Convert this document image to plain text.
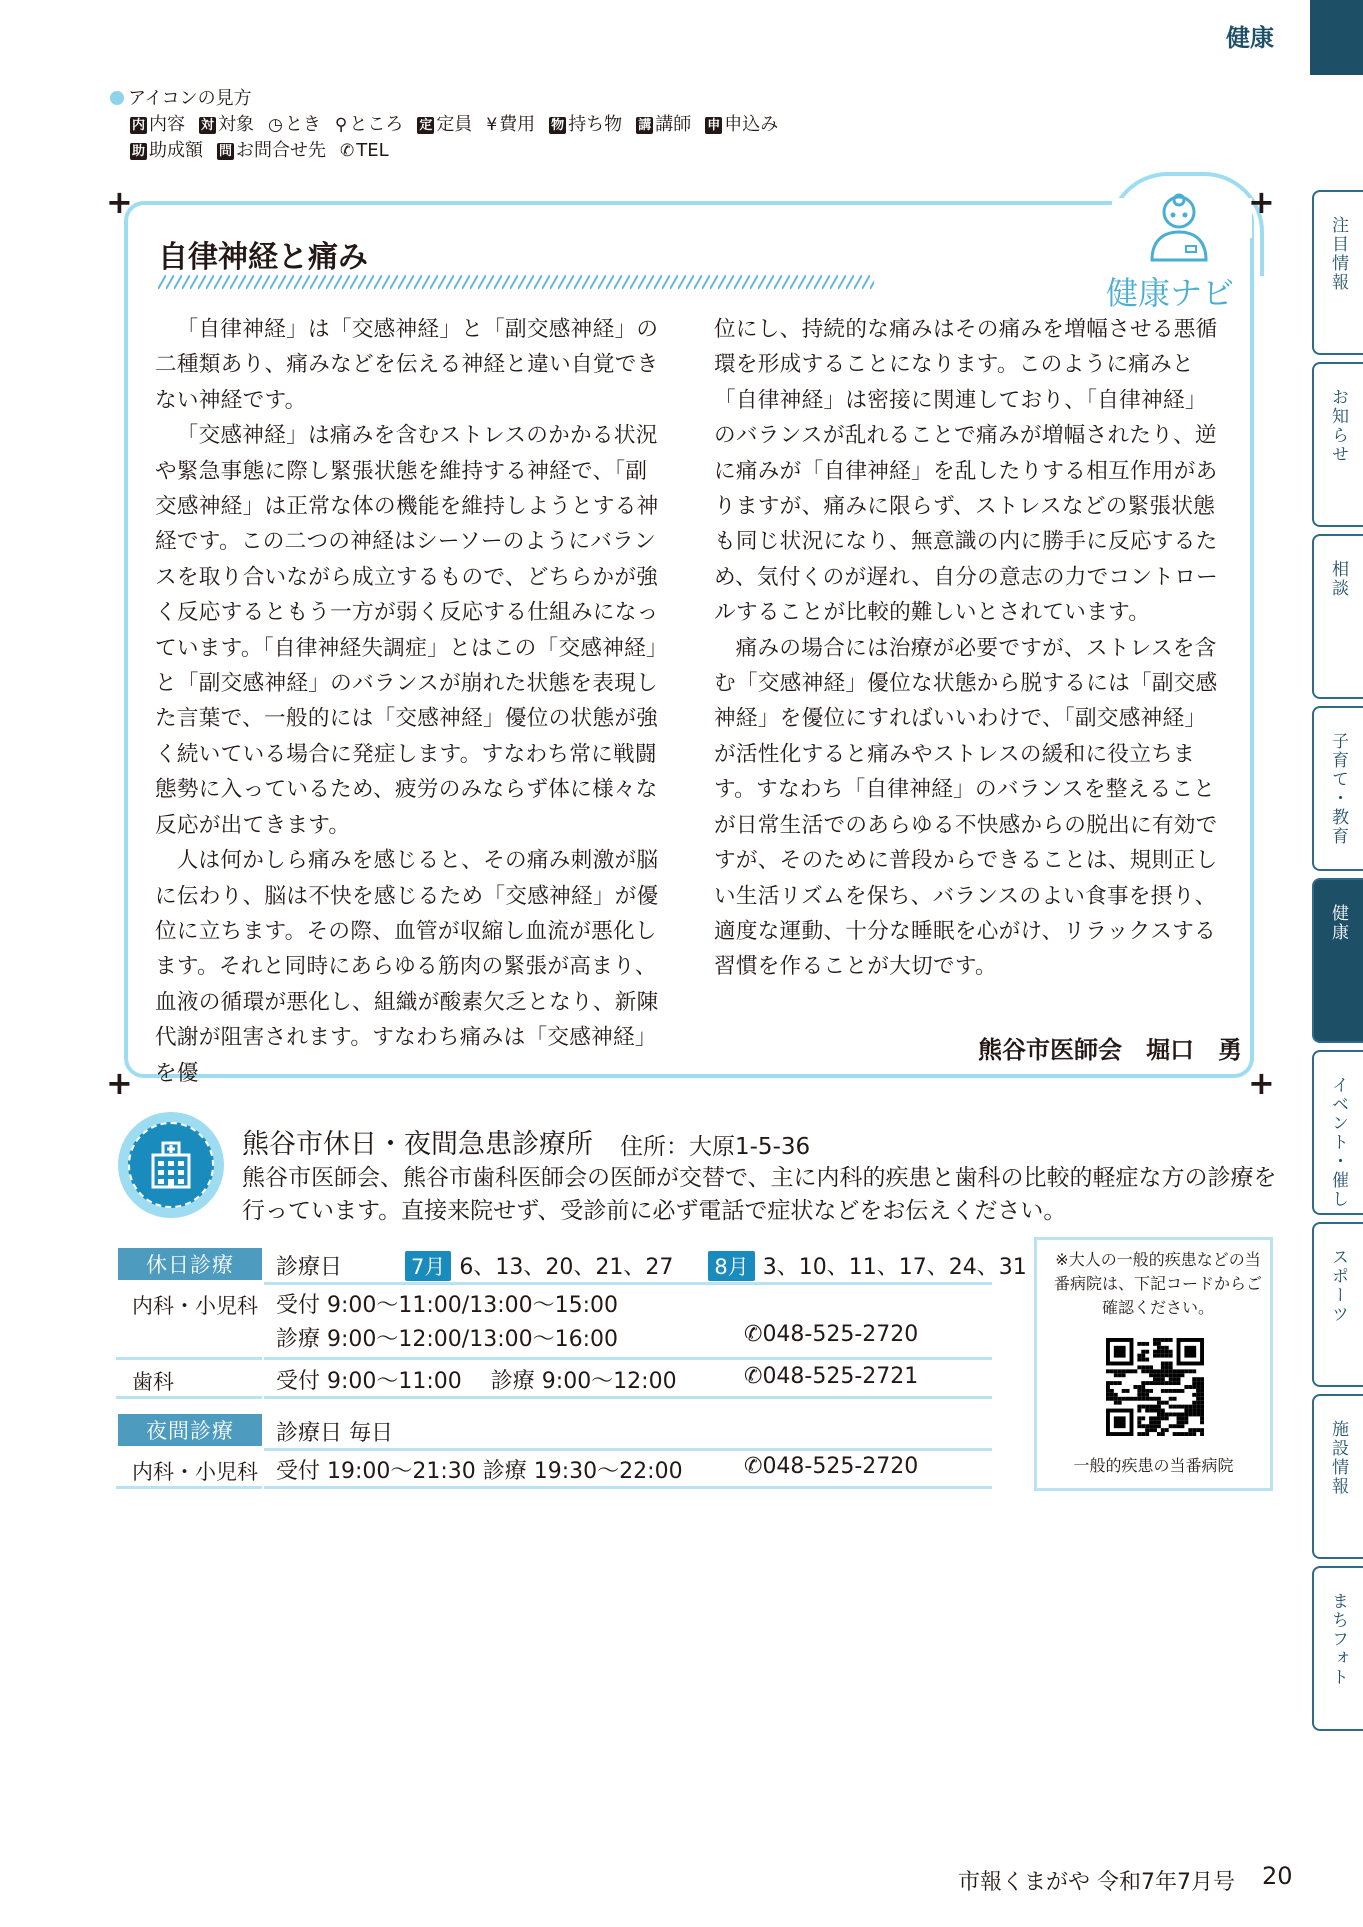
健康
注目情報
お知らせ
相談
子育て・教育
健康
イベント・催し
スポーツ
施設情報
まちフォト
アイコンの見方
内 内容 対 対象 ◷ とき ⚲ ところ 定 定員 ¥ 費用 物 持ち物 講 講師 申 申込み
助 助成額 問 お問合せ先 ✆ TEL
健康ナビ
+	+
+	+
自律神経と痛み

「自律神経」は「交感神経」と「副交感神経」の二種類あり、痛みなどを伝える神経と違い自覚できない神経です。

「交感神経」は痛みを含むストレスのかかる状況や緊急事態に際し緊張状態を維持する神経で、「副交感神経」は正常な体の機能を維持しようとする神経です。この二つの神経はシーソーのようにバランスを取り合いながら成立するもので、どちらかが強く反応するともう一方が弱く反応する仕組みになっています。「自律神経失調症」とはこの「交感神経」と「副交感神経」のバランスが崩れた状態を表現した言葉で、一般的には「交感神経」優位の状態が強く続いている場合に発症します。すなわち常に戦闘態勢に入っているため、疲労のみならず体に様々な反応が出てきます。

人は何かしら痛みを感じると、その痛み刺激が脳に伝わり、脳は不快を感じるため「交感神経」が優位に立ちます。その際、血管が収縮し血流が悪化します。それと同時にあらゆる筋肉の緊張が高まり、血液の循環が悪化し、組織が酸素欠乏となり、新陳代謝が阻害されます。すなわち痛みは「交感神経」を優

位にし、持続的な痛みはその痛みを増幅させる悪循環を形成することになります。このように痛みと「自律神経」は密接に関連しており、「自律神経」のバランスが乱れることで痛みが増幅されたり、逆に痛みが「自律神経」を乱したりする相互作用がありますが、痛みに限らず、ストレスなどの緊張状態も同じ状況になり、無意識の内に勝手に反応するため、気付くのが遅れ、自分の意志の力でコントロールすることが比較的難しいとされています。

痛みの場合には治療が必要ですが、ストレスを含む「交感神経」優位な状態から脱するには「副交感神経」を優位にすればいいわけで、「副交感神経」が活性化すると痛みやストレスの緩和に役立ちます。すなわち「自律神経」のバランスを整えることが日常生活でのあらゆる不快感からの脱出に有効ですが、そのために普段からできることは、規則正しい生活リズムを保ち、バランスのよい食事を摂り、適度な運動、十分な睡眠を心がけ、リラックスする習慣を作ることが大切です。

熊谷市医師会　堀口　勇
熊谷市休日・夜間急患診療所 住所：大原1-5-36
熊谷市医師会、熊谷市歯科医師会の医師が交替で、主に内科的疾患と歯科の比較的軽症な方の診療を行っています。直接来院せず、受診前に必ず電話で症状などをお伝えください。
休日診療	診療日	7月 6、13、20、21、27 8月 3、10、11、17、24、31
内科・小児科 受付 9:00～11:00/13:00～15:00
診療 9:00～12:00/13:00～16:00	✆048-525-2720
歯科	受付 9:00～11:00　 診療 9:00～12:00	✆048-525-2721
夜間診療	診療日 毎日
内科・小児科 受付 19:00～21:30 診療 19:30～22:00	✆048-525-2720
※大人の一般的疾患などの当番病院は、下記コードからご確認ください。
一般的疾患の当番病院
市報くまがや 令和7年7月号 20
